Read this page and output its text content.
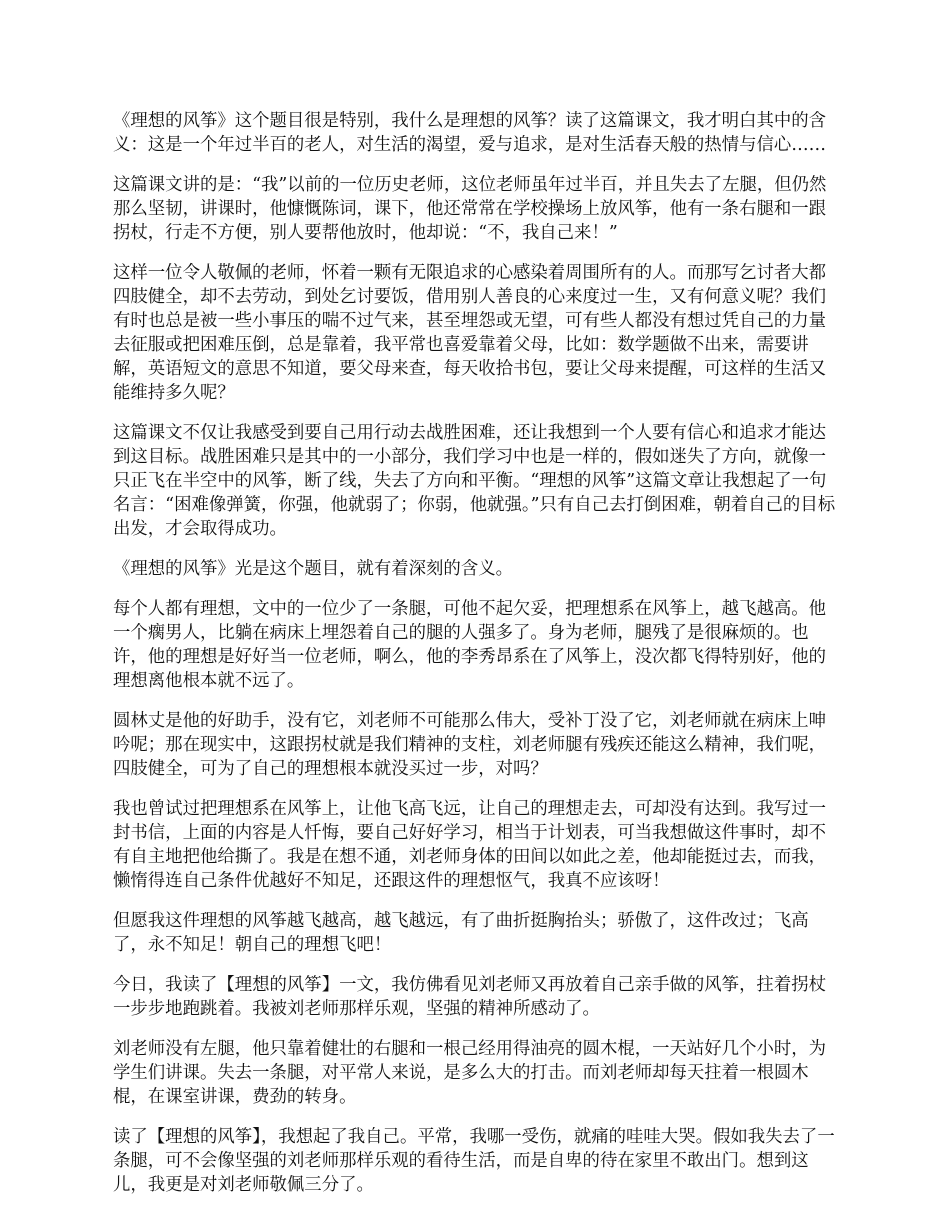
《理想的风筝》这个题目很是特别，我什么是理想的风筝？读了这篇课文，我才明白其中的含义：这是一个年过半百的老人，对生活的渴望，爱与追求，是对生活春天般的热情与信心……

这篇课文讲的是：“我”以前的一位历史老师，这位老师虽年过半百，并且失去了左腿，但仍然那么坚韧，讲课时，他慷慨陈词，课下，他还常常在学校操场上放风筝，他有一条右腿和一跟拐杖，行走不方便，别人要帮他放时，他却说：“不，我自己来！”

这样一位令人敬佩的老师，怀着一颗有无限追求的心感染着周围所有的人。而那写乞讨者大都四肢健全，却不去劳动，到处乞讨要饭，借用别人善良的心来度过一生，又有何意义呢？我们有时也总是被一些小事压的喘不过气来，甚至埋怨或无望，可有些人都没有想过凭自己的力量去征服或把困难压倒，总是靠着，我平常也喜爱靠着父母，比如：数学题做不出来，需要讲解，英语短文的意思不知道，要父母来查，每天收拾书包，要让父母来提醒，可这样的生活又能维持多久呢？

这篇课文不仅让我感受到要自己用行动去战胜困难，还让我想到一个人要有信心和追求才能达到这目标。战胜困难只是其中的一小部分，我们学习中也是一样的，假如迷失了方向，就像一只正飞在半空中的风筝，断了线，失去了方向和平衡。“理想的风筝”这篇文章让我想起了一句名言：“困难像弹簧，你强，他就弱了；你弱，他就强。”只有自己去打倒困难，朝着自己的目标出发，才会取得成功。

《理想的风筝》光是这个题目，就有着深刻的含义。

每个人都有理想，文中的一位少了一条腿，可他不起欠妥，把理想系在风筝上，越飞越高。他一个瘸男人，比躺在病床上埋怨着自己的腿的人强多了。身为老师，腿残了是很麻烦的。也许，他的理想是好好当一位老师，啊么，他的李秀昂系在了风筝上，没次都飞得特别好，他的理想离他根本就不远了。

圆林丈是他的好助手，没有它，刘老师不可能那么伟大，受补丁没了它，刘老师就在病床上呻吟呢；那在现实中，这跟拐杖就是我们精神的支柱，刘老师腿有残疾还能这么精神，我们呢，四肢健全，可为了自己的理想根本就没买过一步，对吗？

我也曾试过把理想系在风筝上，让他飞高飞远，让自己的理想走去，可却没有达到。我写过一封书信，上面的内容是人忏悔，要自己好好学习，相当于计划表，可当我想做这件事时，却不有自主地把他给撕了。我是在想不通，刘老师身体的田间以如此之差，他却能挺过去，而我，懒惰得连自己条件优越好不知足，还跟这件的理想怄气，我真不应该呀！

但愿我这件理想的风筝越飞越高，越飞越远，有了曲折挺胸抬头；骄傲了，这件改过；飞高了，永不知足！朝自己的理想飞吧！

今日，我读了【理想的风筝】一文，我仿佛看见刘老师又再放着自己亲手做的风筝，拄着拐杖一步步地跑跳着。我被刘老师那样乐观，坚强的精神所感动了。

刘老师没有左腿，他只靠着健壮的右腿和一根己经用得油亮的圆木棍，一天站好几个小时，为学生们讲课。失去一条腿，对平常人来说，是多么大的打击。而刘老师却每天拄着一根圆木棍，在课室讲课，费劲的转身。

读了【理想的风筝】，我想起了我自己。平常，我哪一受伤，就痛的哇哇大哭。假如我失去了一条腿，可不会像坚强的刘老师那样乐观的看待生活，而是自卑的待在家里不敢出门。想到这儿，我更是对刘老师敬佩三分了。
